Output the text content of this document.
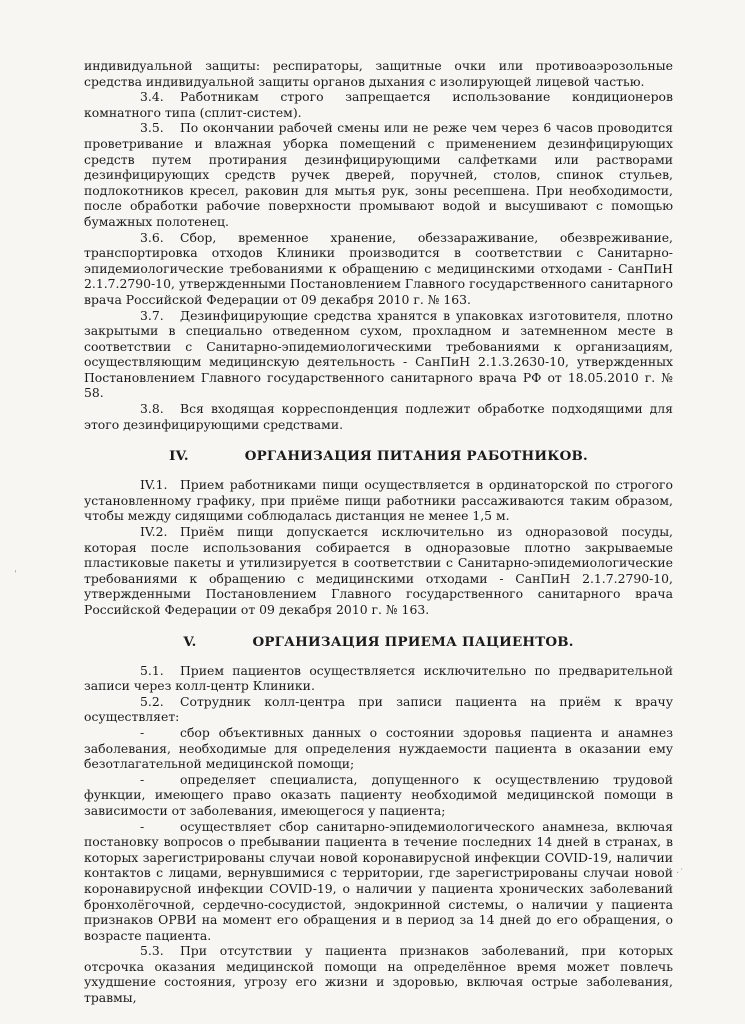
индивидуальной защиты: респираторы, защитные очки или противоаэрозольные средства индивидуальной защиты органов дыхания с изолирующей лицевой частью.

3.4. Работникам строго запрещается использование кондиционеров комнатного типа (сплит-систем).

3.5. По окончании рабочей смены или не реже чем через 6 часов проводится проветривание и влажная уборка помещений с применением дезинфицирующих средств путем протирания дезинфицирующими салфетками или растворами дезинфицирующих средств ручек дверей, поручней, столов, спинок стульев, подлокотников кресел, раковин для мытья рук, зоны ресепшена. При необходимости, после обработки рабочие поверхности промывают водой и высушивают с помощью бумажных полотенец.

3.6. Сбор, временное хранение, обеззараживание, обезвреживание, транспортировка отходов Клиники производится в соответствии с Санитарно-эпидемиологические требованиями к обращению с медицинскими отходами - СанПиН 2.1.7.2790-10, утвержденными Постановлением Главного государственного санитарного врача Российской Федерации от 09 декабря 2010 г. № 163.

3.7. Дезинфицирующие средства хранятся в упаковках изготовителя, плотно закрытыми в специально отведенном сухом, прохладном и затемненном месте в соответствии с Санитарно-эпидемиологическими требованиями к организациям, осуществляющим медицинскую деятельность - СанПиН 2.1.3.2630-10, утвержденных Постановлением Главного государственного санитарного врача РФ от 18.05.2010 г. № 58.

3.8. Вся входящая корреспонденция подлежит обработке подходящими для этого дезинфицирующими средствами.

IV.	ОРГАНИЗАЦИЯ ПИТАНИЯ РАБОТНИКОВ.

IV.1. Прием работниками пищи осуществляется в ординаторской по строгого установленному графику, при приёме пищи работники рассаживаются таким образом, чтобы между сидящими соблюдалась дистанция не менее 1,5 м.

IV.2. Приём пищи допускается исключительно из одноразовой посуды, которая после использования собирается в одноразовые плотно закрываемые пластиковые пакеты и утилизируется в соответствии с Санитарно-эпидемиологические требованиями к обращению с медицинскими отходами - СанПиН 2.1.7.2790-10, утвержденными Постановлением Главного государственного санитарного врача Российской Федерации от 09 декабря 2010 г. № 163.

V.	ОРГАНИЗАЦИЯ ПРИЕМА ПАЦИЕНТОВ.

5.1. Прием пациентов осуществляется исключительно по предварительной записи через колл-центр Клиники.

5.2. Сотрудник колл-центра при записи пациента на приём к врачу осуществляет:

-	сбор объективных данных о состоянии здоровья пациента и анамнез заболевания, необходимые для определения нуждаемости пациента в оказании ему безотлагательной медицинской помощи;

-	определяет специалиста, допущенного к осуществлению трудовой функции, имеющего право оказать пациенту необходимой медицинской помощи в зависимости от заболевания, имеющегося у пациента;

-	осуществляет сбор санитарно-эпидемиологического анамнеза, включая постановку вопросов о пребывании пациента в течение последних 14 дней в странах, в которых зарегистрированы случаи новой коронавирусной инфекции COVID-19, наличии контактов с лицами, вернувшимися с территории, где зарегистрированы случаи новой коронавирусной инфекции COVID-19, о наличии у пациента хронических заболеваний бронхолёгочной, сердечно-сосудистой, эндокринной системы, о наличии у пациента признаков ОРВИ на момент его обращения и в период за 14 дней до его обращения, о возрасте пациента.

5.3. При отсутствии у пациента признаков заболеваний, при которых отсрочка оказания медицинской помощи на определённое время может повлечь ухудшение состояния, угрозу его жизни и здоровью, включая острые заболевания, травмы,

ˈ
·˙
